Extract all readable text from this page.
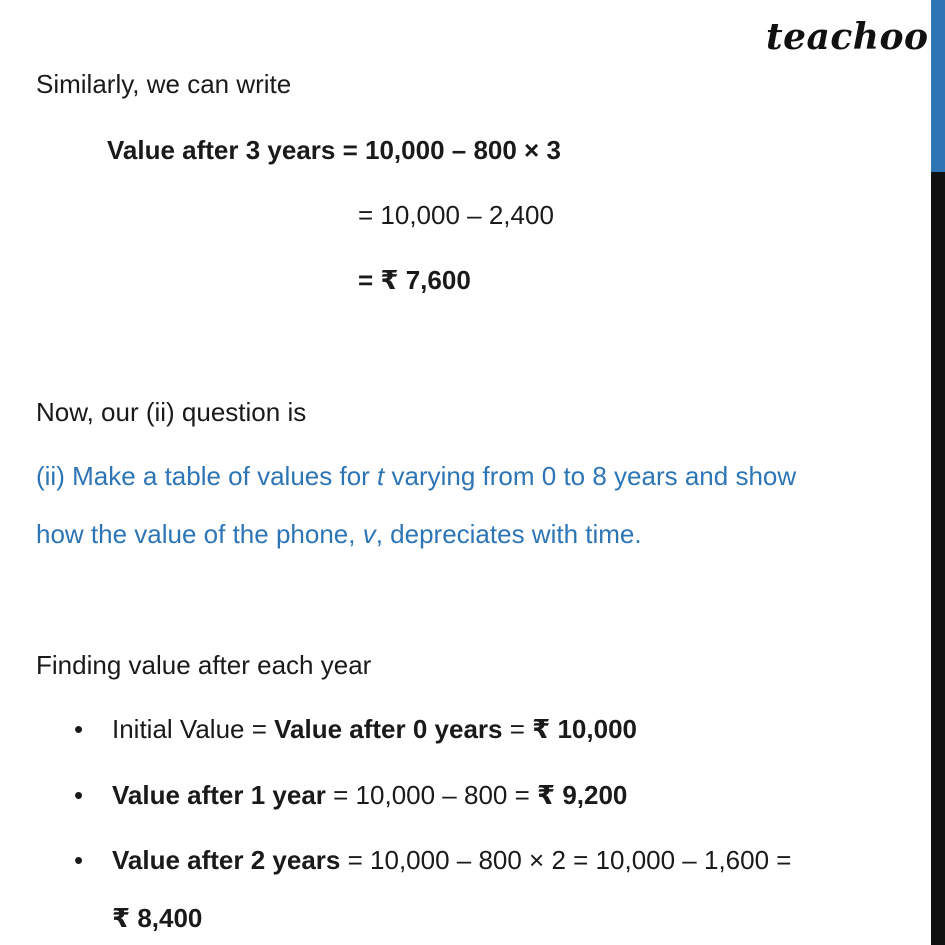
teachoo
Similarly, we can write
Value after 3 years = 10,000 – 800 × 3
= 10,000 – 2,400
= ₹ 7,600
Now, our (ii) question is
(ii) Make a table of values for t varying from 0 to 8 years and show
how the value of the phone, v, depreciates with time.
Finding value after each year
• Initial Value = Value after 0 years = ₹ 10,000
• Value after 1 year = 10,000 – 800 = ₹ 9,200
• Value after 2 years = 10,000 – 800 × 2 = 10,000 – 1,600 =
₹ 8,400
